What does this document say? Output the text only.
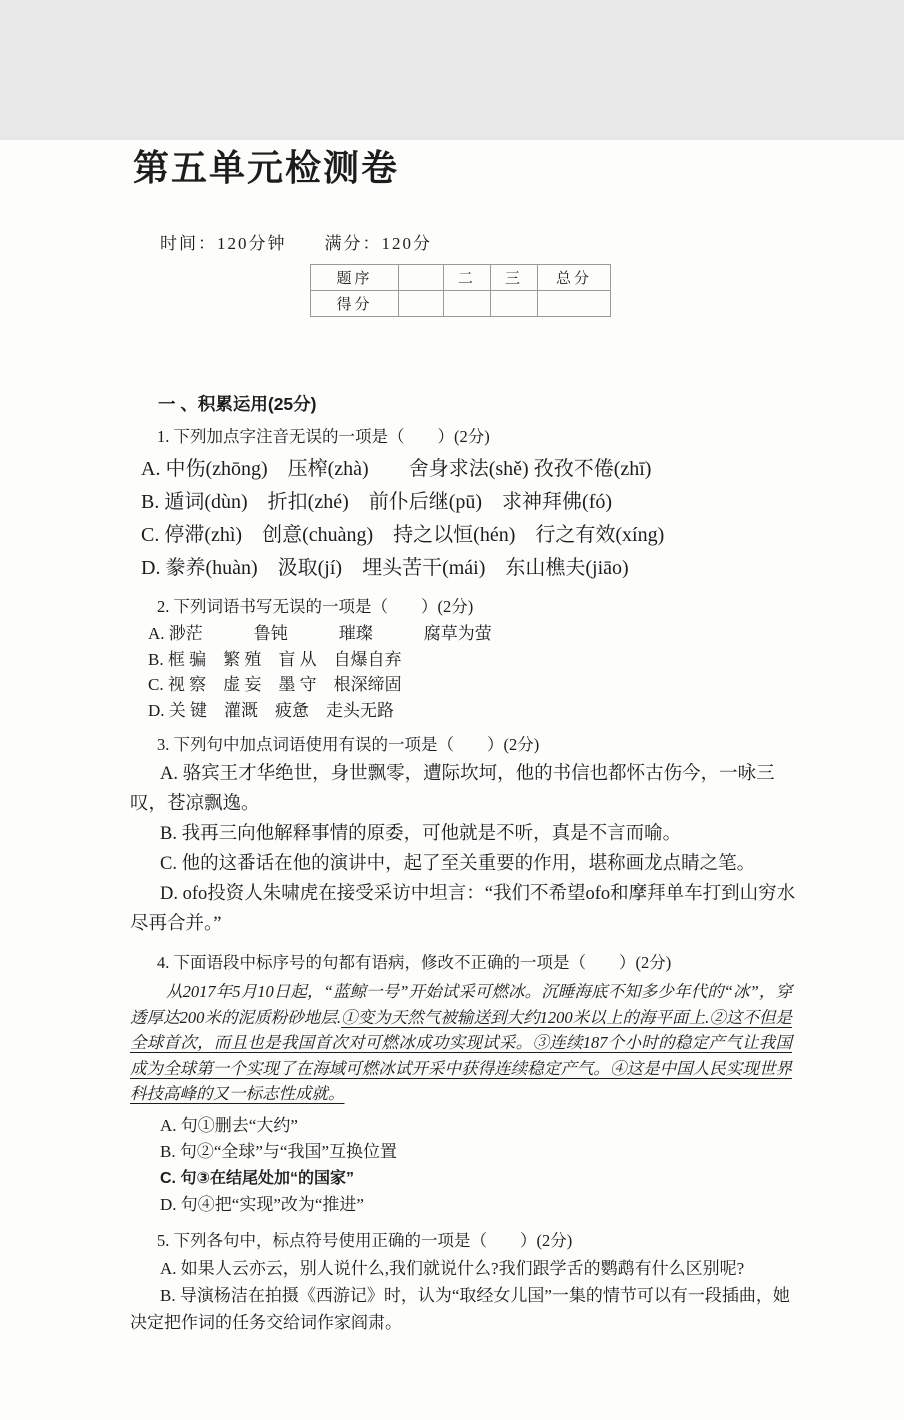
第五单元检测卷
时间：120分钟 满分：120分
题序		二	三	总分
得分				
一 、积累运用(25分)

1. 下列加点字注音无误的一项是（　　）(2分)

A. 中伤(zhōng)　压榨(zhà)　　舍身求法(shě) 孜孜不倦(zhī)

B. 遁词(dùn)　折扣(zhé)　前仆后继(pū)　求神拜佛(fó)

C. 停滞(zhì)　创意(chuàng)　持之以恒(hén)　行之有效(xíng)

D. 豢养(huàn)　汲取(jí)　埋头苦干(mái)　东山樵夫(jiāo)

2. 下列词语书写无误的一项是（　　）(2分)

A. 渺茫　　　鲁钝　　　璀璨　　　腐草为萤

B. 框 骗　繁 殖　盲 从　自爆自弃

C. 视 察　虚 妄　墨 守　根深缔固

D. 关 键　灌溉　疲惫　走头无路

3. 下列句中加点词语使用有误的一项是（　　）(2分)

A. 骆宾王才华绝世，身世飘零，遭际坎坷，他的书信也都怀古伤今，一咏三叹，苍凉飘逸。

B. 我再三向他解释事情的原委，可他就是不听，真是不言而喻。

C. 他的这番话在他的演讲中，起了至关重要的作用，堪称画龙点睛之笔。

D. ofo投资人朱啸虎在接受采访中坦言：“我们不希望ofo和摩拜单车打到山穷水尽再合并。”

4. 下面语段中标序号的句都有语病，修改不正确的一项是（　　）(2分)

从2017年5月10日起，“蓝鲸一号”开始试采可燃冰。沉睡海底不知多少年代的“冰”，穿透厚达200米的泥质粉砂地层.①变为天然气被输送到大约1200米以上的海平面上.②这不但是全球首次，而且也是我国首次对可燃冰成功实现试采。③连续187个小时的稳定产气让我国成为全球第一个实现了在海域可燃冰试开采中获得连续稳定产气。④这是中国人民实现世界科技高峰的又一标志性成就。

A. 句①删去“大约”

B. 句②“全球”与“我国”互换位置

C. 句③在结尾处加“的国家”

D. 句④把“实现”改为“推进”

5. 下列各句中，标点符号使用正确的一项是（　　）(2分)

A. 如果人云亦云，别人说什么,我们就说什么?我们跟学舌的鹦鹉有什么区别呢?

B. 导演杨洁在拍摄《西游记》时，认为“取经女儿国”一集的情节可以有一段插曲，她决定把作词的任务交给词作家阎肃。
